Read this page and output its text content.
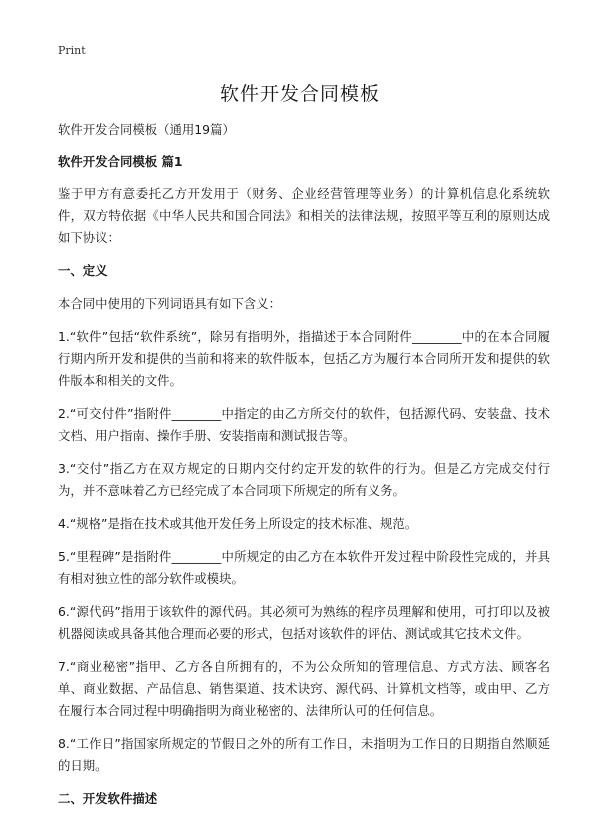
Print
软件开发合同模板

软件开发合同模板（通用19篇）

软件开发合同模板 篇1

鉴于甲方有意委托乙方开发用于（财务、企业经营管理等业务）的计算机信息化系统软件，双方特依据《中华人民共和国合同法》和相关的法律法规，按照平等互利的原则达成如下协议：

一、定义

本合同中使用的下列词语具有如下含义：

1.“软件”包括“软件系统”，除另有指明外，指描述于本合同附件________中的在本合同履行期内所开发和提供的当前和将来的软件版本，包括乙方为履行本合同所开发和提供的软件版本和相关的文件。

2.“可交付件”指附件________中指定的由乙方所交付的软件，包括源代码、安装盘、技术文档、用户指南、操作手册、安装指南和测试报告等。

3.“交付”指乙方在双方规定的日期内交付约定开发的软件的行为。但是乙方完成交付行为，并不意味着乙方已经完成了本合同项下所规定的所有义务。

4.“规格”是指在技术或其他开发任务上所设定的技术标准、规范。

5.“里程碑”是指附件________中所规定的由乙方在本软件开发过程中阶段性完成的，并具有相对独立性的部分软件或模块。

6.“源代码”指用于该软件的源代码。其必须可为熟练的程序员理解和使用，可打印以及被机器阅读或具备其他合理而必要的形式，包括对该软件的评估、测试或其它技术文件。

7.“商业秘密”指甲、乙方各自所拥有的，不为公众所知的管理信息、方式方法、顾客名单、商业数据、产品信息、销售渠道、技术诀窍、源代码、计算机文档等，或由甲、乙方在履行本合同过程中明确指明为商业秘密的、法律所认可的任何信息。

8.“工作日”指国家所规定的节假日之外的所有工作日，未指明为工作日的日期指自然顺延的日期。

二、开发软件描述
